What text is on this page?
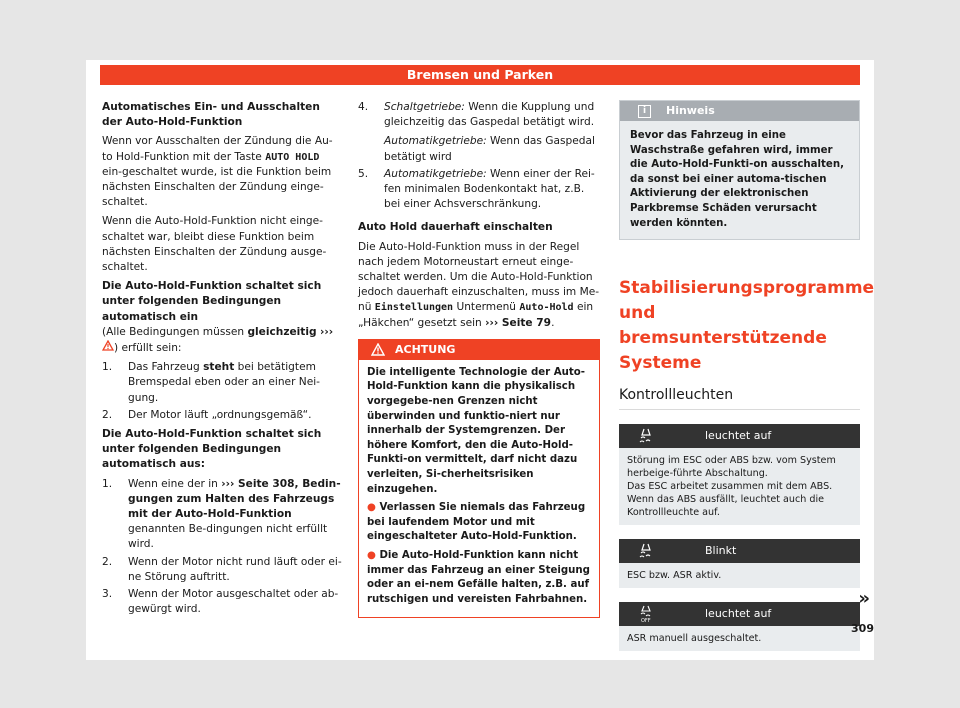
Bremsen und Parken

Automatisches Ein- und Ausschalten der Auto-Hold-Funktion

Wenn vor Ausschalten der Zündung die Au-to Hold-Funktion mit der Taste AUTO HOLD ein-geschaltet wurde, ist die Funktion beim nächsten Einschalten der Zündung einge-schaltet.

Wenn die Auto-Hold-Funktion nicht einge-schaltet war, bleibt diese Funktion beim nächsten Einschalten der Zündung ausge-schaltet.

Die Auto-Hold-Funktion schaltet sich unter folgenden Bedingungen automatisch ein

(Alle Bedingungen müssen gleichzeitig ››› ) erfüllt sein:

1. Das Fahrzeug steht bei betätigtem Bremspedal eben oder an einer Nei-gung.
2. Der Motor läuft „ordnungsgemäß“.

Die Auto-Hold-Funktion schaltet sich unter folgenden Bedingungen automatisch aus:

1. Wenn eine der in ››› Seite 308, Bedin-gungen zum Halten des Fahrzeugs mit der Auto-Hold-Funktion genannten Be-dingungen nicht erfüllt wird.
2. Wenn der Motor nicht rund läuft oder ei-ne Störung auftritt.
3. Wenn der Motor ausgeschaltet oder ab-gewürgt wird.
4. Schaltgetriebe: Wenn die Kupplung und gleichzeitig das Gaspedal betätigt wird.

Automatikgetriebe: Wenn das Gaspedal betätigt wird
5. Automatikgetriebe: Wenn einer der Rei-fen minimalen Bodenkontakt hat, z.B. bei einer Achsverschränkung.

Auto Hold dauerhaft einschalten

Die Auto-Hold-Funktion muss in der Regel nach jedem Motorneustart erneut einge-schaltet werden. Um die Auto-Hold-Funktion jedoch dauerhaft einzuschalten, muss im Me-nü Einstellungen Untermenü Auto-Hold ein „Häkchen“ gesetzt sein ››› Seite 79.

ACHTUNG

Die intelligente Technologie der Auto-Hold-Funktion kann die physikalisch vorgegebe-nen Grenzen nicht überwinden und funktio-niert nur innerhalb der Systemgrenzen. Der höhere Komfort, den die Auto-Hold-Funkti-on vermittelt, darf nicht dazu verleiten, Si-cherheitsrisiken einzugehen.

● Verlassen Sie niemals das Fahrzeug bei laufendem Motor und mit eingeschalteter Auto-Hold-Funktion.

● Die Auto-Hold-Funktion kann nicht immer das Fahrzeug an einer Steigung oder an ei-nem Gefälle halten, z.B. auf rutschigen und vereisten Fahrbahnen.

i	Hinweis
Bevor das Fahrzeug in eine Waschstraße gefahren wird, immer die Auto-Hold-Funkti-on ausschalten, da sonst bei einer automa-tischen Aktivierung der elektronischen Parkbremse Schäden verursacht werden könnten.
Stabilisierungsprogramme und bremsunterstützende Systeme
Kontrollleuchten
leuchtet auf
Störung im ESC oder ABS bzw. vom System herbeige-führte Abschaltung.
Das ESC arbeitet zusammen mit dem ABS. Wenn das ABS ausfällt, leuchtet auch die Kontrollleuchte auf.
Blinkt
ESC bzw. ASR aktiv.
OFF
leuchtet auf
ASR manuell ausgeschaltet.
»
309
